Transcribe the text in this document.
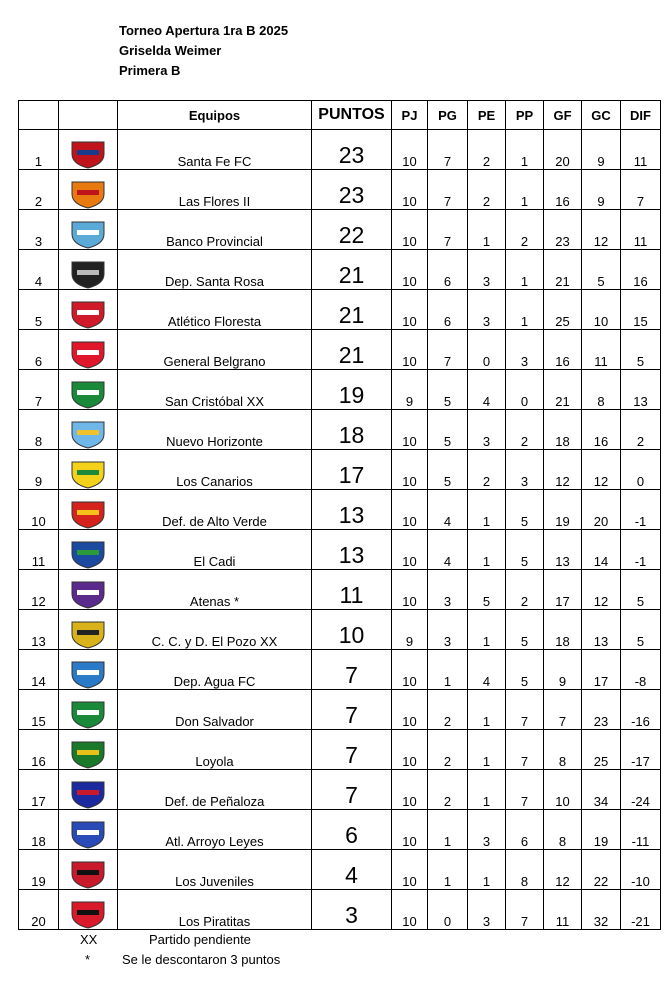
Torneo Apertura 1ra B 2025
Griselda Weimer
Primera B
		Equipos	PUNTOS	PJ	PG	PE	PP	GF	GC	DIF
1		Santa Fe FC	23	10	7	2	1	20	9	11
2		Las Flores II	23	10	7	2	1	16	9	7
3		Banco Provincial	22	10	7	1	2	23	12	11
4		Dep. Santa Rosa	21	10	6	3	1	21	5	16
5		Atlético Floresta	21	10	6	3	1	25	10	15
6		General Belgrano	21	10	7	0	3	16	11	5
7		San Cristóbal XX	19	9	5	4	0	21	8	13
8		Nuevo Horizonte	18	10	5	3	2	18	16	2
9		Los Canarios	17	10	5	2	3	12	12	0
10		Def. de Alto Verde	13	10	4	1	5	19	20	-1
11		El Cadi	13	10	4	1	5	13	14	-1
12		Atenas *	11	10	3	5	2	17	12	5
13		C. C. y D. El Pozo XX	10	9	3	1	5	18	13	5
14		Dep. Agua FC	7	10	1	4	5	9	17	-8
15		Don Salvador	7	10	2	1	7	7	23	-16
16		Loyola	7	10	2	1	7	8	25	-17
17		Def. de Peñaloza	7	10	2	1	7	10	34	-24
18		Atl. Arroyo Leyes	6	10	1	3	6	8	19	-11
19		Los Juveniles	4	10	1	1	8	12	22	-10
20		Los Piratitas	3	10	0	3	7	11	32	-21
XX	Partido pendiente
* Se le descontaron 3 puntos
